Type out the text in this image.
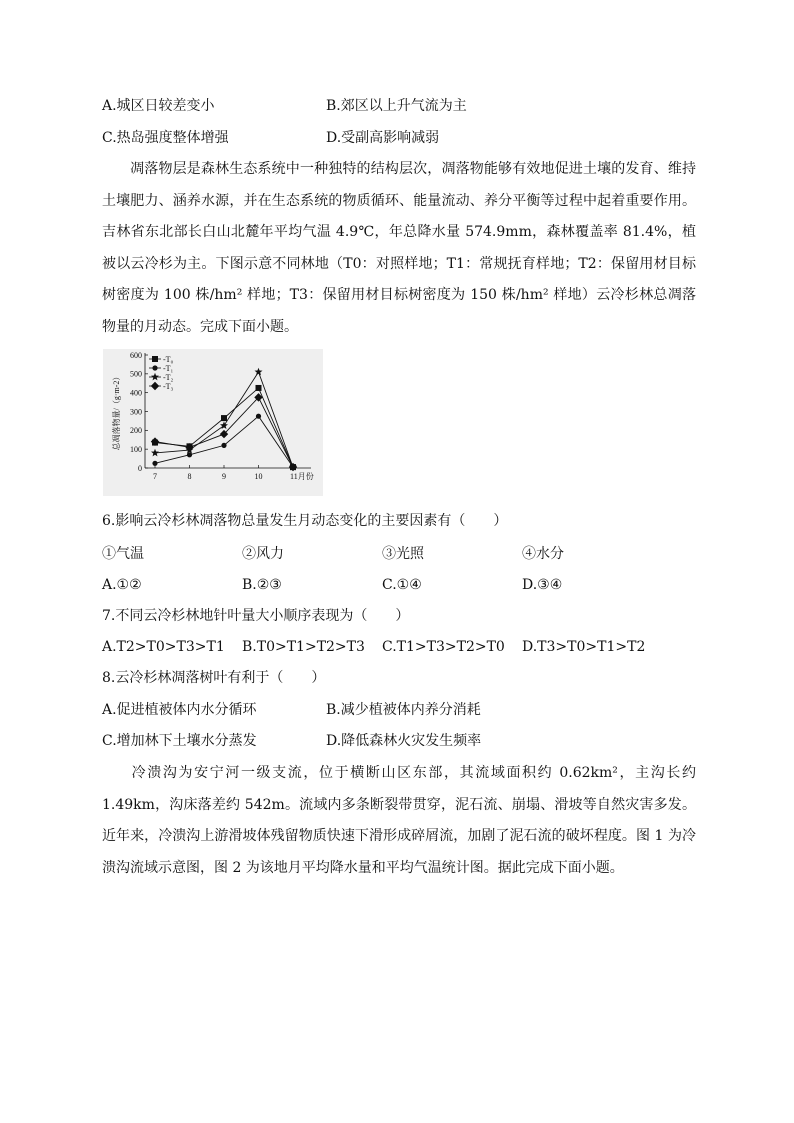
A.城区日较差变小	B.郊区以上升气流为主
C.热岛强度整体增强	D.受副高影响减弱
凋落物层是森林生态系统中一种独特的结构层次，凋落物能够有效地促进土壤的发育、维持土壤肥力、涵养水源，并在生态系统的物质循环、能量流动、养分平衡等过程中起着重要作用。吉林省东北部长白山北麓年平均气温 4.9℃，年总降水量 574.9mm，森林覆盖率 81.4%，植被以云冷杉为主。下图示意不同林地（T0：对照样地；T1：常规抚育样地；T2：保留用材目标树密度为 100 株/hm² 样地；T3：保留用材目标树密度为 150 株/hm² 样地）云冷杉林总凋落物量的月动态。完成下面小题。
0
100
200
300
400
500
600
7	8	9	10	11月份
总凋落物量/（g·m-2）
-T₀
-T₁
-T₂
-T₃
6.影响云冷杉林凋落物总量发生月动态变化的主要因素有（　　）
①气温	②风力	③光照	④水分
A.①②	B.②③	C.①④	D.③④
7.不同云冷杉林地针叶量大小顺序表现为（　　）
A.T2>T0>T3>T1 B.T0>T1>T2>T3 C.T1>T3>T2>T0 D.T3>T0>T1>T2
8.云冷杉林凋落树叶有利于（　　）
A.促进植被体内水分循环	B.减少植被体内养分消耗
C.增加林下土壤水分蒸发	D.降低森林火灾发生频率
冷溃沟为安宁河一级支流，位于横断山区东部，其流域面积约 0.62km²，主沟长约 1.49km，沟床落差约 542m。流域内多条断裂带贯穿，泥石流、崩塌、滑坡等自然灾害多发。近年来，冷溃沟上游滑坡体残留物质快速下滑形成碎屑流，加剧了泥石流的破坏程度。图 1 为冷溃沟流域示意图，图 2 为该地月平均降水量和平均气温统计图。据此完成下面小题。
